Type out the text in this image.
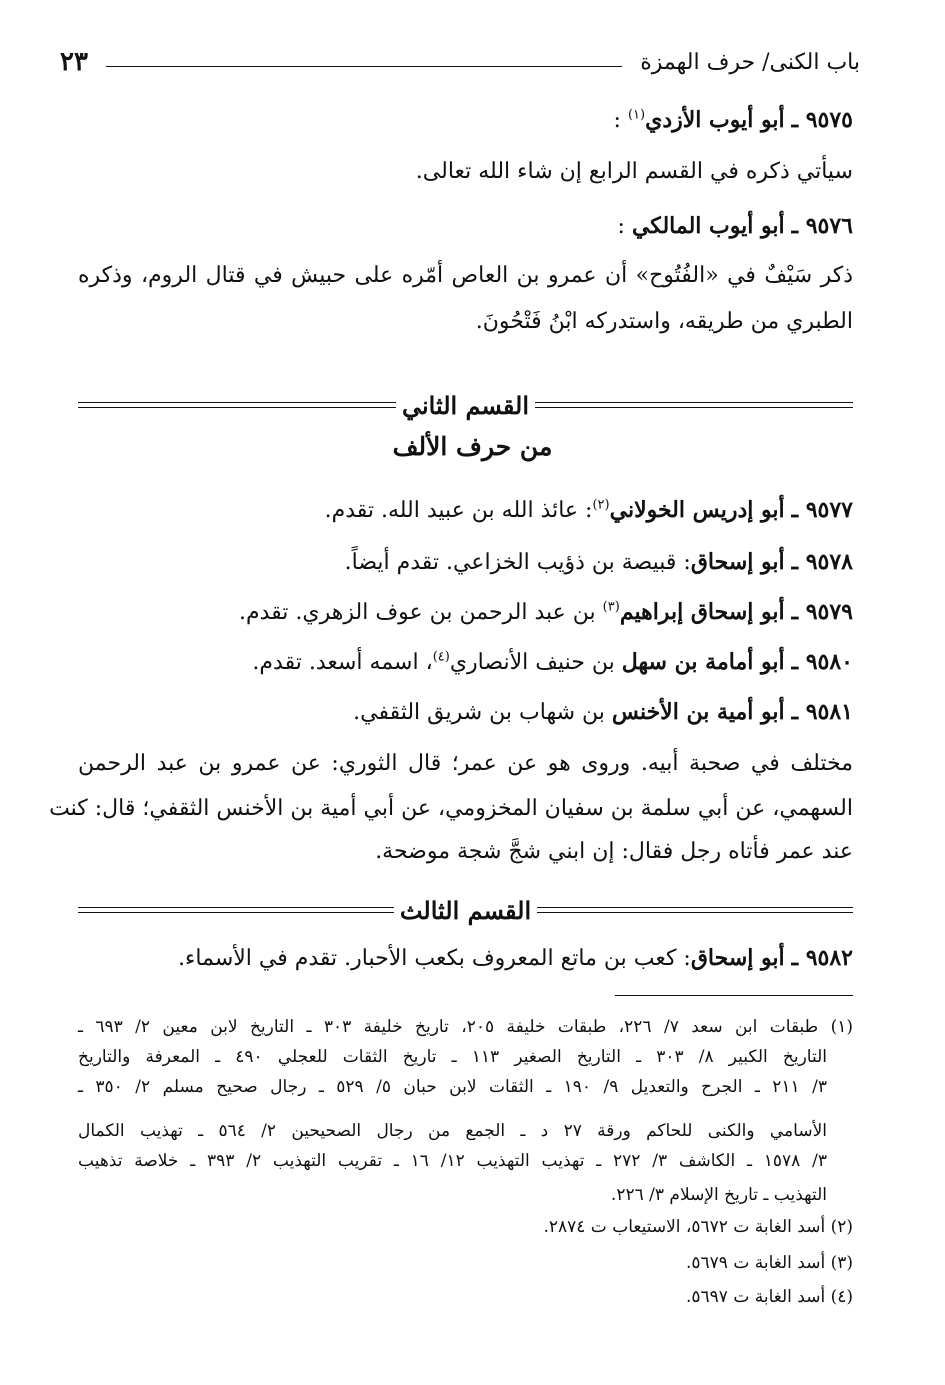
باب الكنى/ حرف الهمزة
٢٣
٩٥٧٥ ـ أبو أيوب الأزدي$^{(١)}$ :
سيأتي ذكره في القسم الرابع إن شاء الله تعالى.
٩٥٧٦ ـ أبو أيوب المالكي :
ذكر سَيْفٌ في «الفُتُوح» أن عمرو بن العاص أمّره على حبيش في قتال الروم، وذكره
الطبري من طريقه، واستدركه ابْنُ فَتْحُونَ.
القسم الثاني
من حرف الألف
٩٥٧٧ ـ أبو إدريس الخولاني$^{(٢)}$: عائذ الله بن عبيد الله. تقدم.
٩٥٧٨ ـ أبو إسحاق: قبيصة بن ذؤيب الخزاعي. تقدم أيضاً.
٩٥٧٩ ـ أبو إسحاق إبراهيم$^{(٣)}$ بن عبد الرحمن بن عوف الزهري. تقدم.
٩٥٨٠ ـ أبو أمامة بن سهل بن حنيف الأنصاري$^{(٤)}$، اسمه أسعد. تقدم.
٩٥٨١ ـ أبو أمية بن الأخنس بن شهاب بن شريق الثقفي.
مختلف في صحبة أبيه. وروى هو عن عمر؛ قال الثوري: عن عمرو بن عبد الرحمن
السهمي، عن أبي سلمة بن سفيان المخزومي، عن أبي أمية بن الأخنس الثقفي؛ قال: كنت
عند عمر فأتاه رجل فقال: إن ابني شجَّ شجة موضحة.
القسم الثالث
٩٥٨٢ ـ أبو إسحاق: كعب بن ماتع المعروف بكعب الأحبار. تقدم في الأسماء.
(١) طبقات ابن سعد ٧/ ٢٢٦، طبقات خليفة ٢٠٥، تاريخ خليفة ٣٠٣ ـ التاريخ لابن معين ٢/ ٦٩٣ ـ
التاريخ الكبير ٨/ ٣٠٣ ـ التاريخ الصغير ١١٣ ـ تاريخ الثقات للعجلي ٤٩٠ ـ المعرفة والتاريخ
٣/ ٢١١ ـ الجرح والتعديل ٩/ ١٩٠ ـ الثقات لابن حبان ٥/ ٥٢٩ ـ رجال صحيح مسلم ٢/ ٣٥٠ ـ
الأسامي والكنى للحاكم ورقة ٢٧ د ـ الجمع من رجال الصحيحين ٢/ ٥٦٤ ـ تهذيب الكمال
٣/ ١٥٧٨ ـ الكاشف ٣/ ٢٧٢ ـ تهذيب التهذيب ١٢/ ١٦ ـ تقريب التهذيب ٢/ ٣٩٣ ـ خلاصة تذهيب
التهذيب ـ تاريخ الإسلام ٣/ ٢٢٦.
(٢) أسد الغابة ت ٥٦٧٢، الاستيعاب ت ٢٨٧٤.
(٣) أسد الغابة ت ٥٦٧٩.
(٤) أسد الغابة ت ٥٦٩٧.
